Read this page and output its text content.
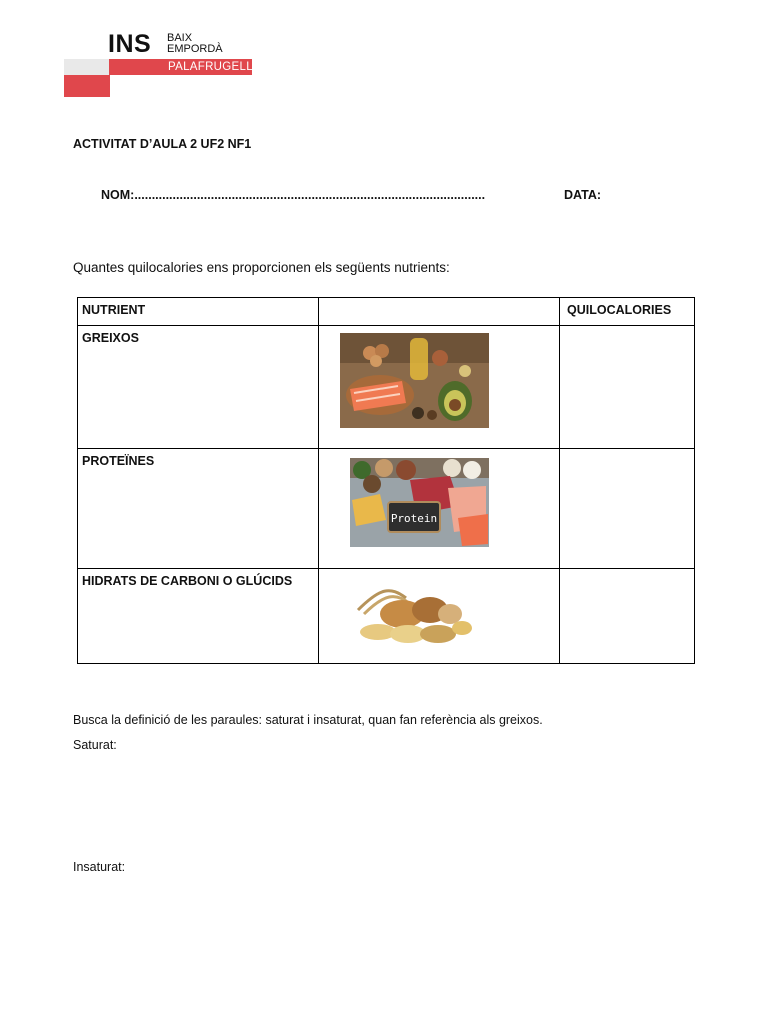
INS BAIX
EMPORDÀ
PALAFRUGELL
ACTIVITAT D’AULA 2 UF2 NF1
NOM:.....................................................................................................	DATA:
Quantes quilocalories ens proporcionen els següents nutrients:
NUTRIENT	QUILOCALORIES
GREIXOS
PROTEÏNES
HIDRATS DE CARBONI O GLÚCIDS
Protein
Busca la definició de les paraules: saturat i insaturat, quan fan referència als greixos.
Saturat:
Insaturat:
